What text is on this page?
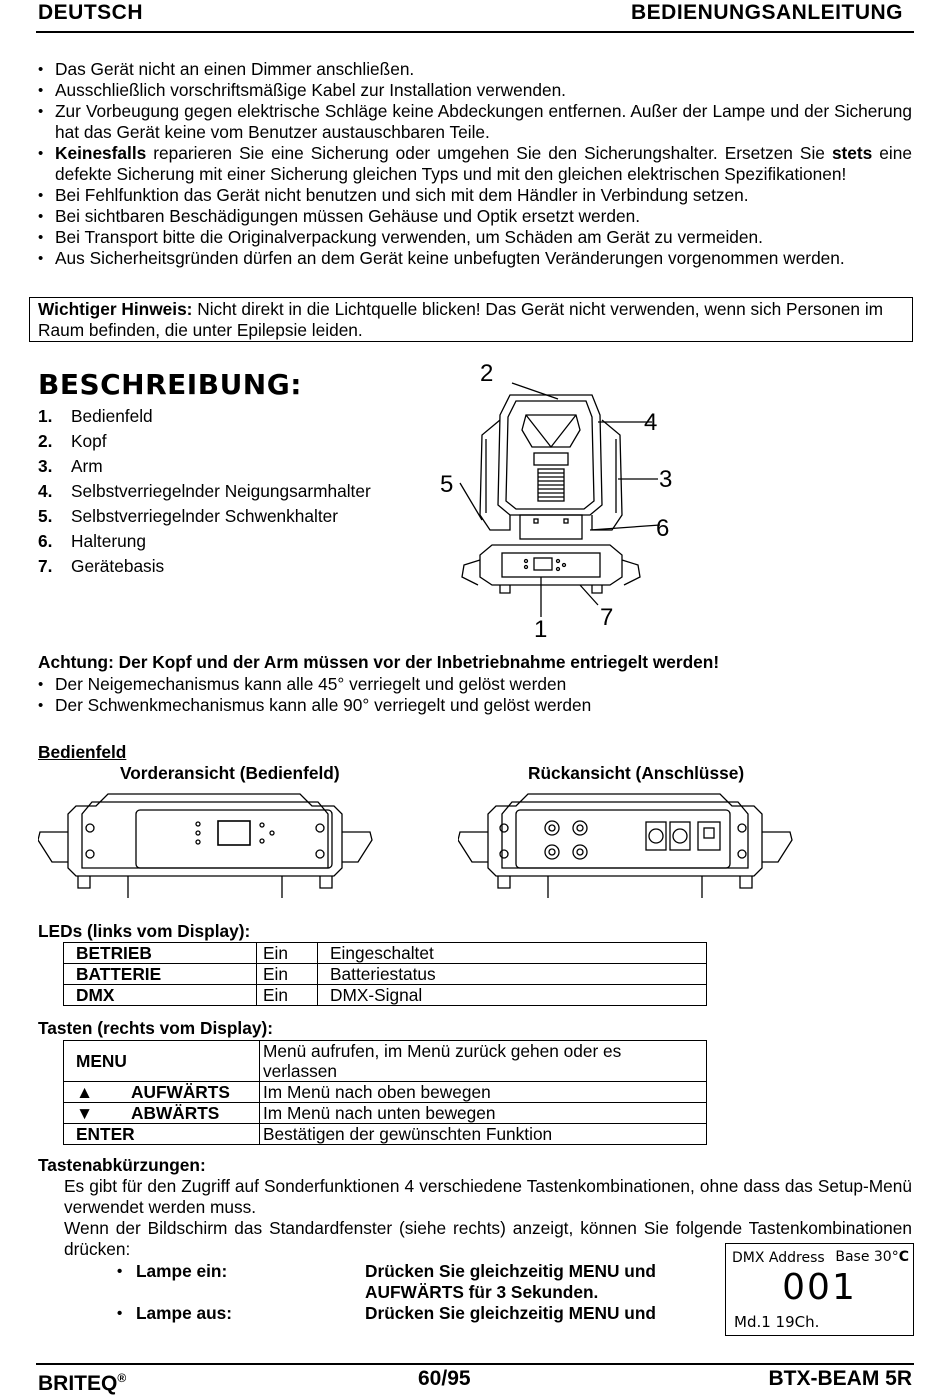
DEUTSCH	BEDIENUNGSANLEITUNG
• Das Gerät nicht an einen Dimmer anschließen.
• Ausschließlich vorschriftsmäßige Kabel zur Installation verwenden.
• Zur Vorbeugung gegen elektrische Schläge keine Abdeckungen entfernen. Außer der Lampe und der Sicherung hat das Gerät keine vom Benutzer austauschbaren Teile.
• Keinesfalls reparieren Sie eine Sicherung oder umgehen Sie den Sicherungshalter. Ersetzen Sie stets eine defekte Sicherung mit einer Sicherung gleichen Typs und mit den gleichen elektrischen Spezifikationen!
• Bei Fehlfunktion das Gerät nicht benutzen und sich mit dem Händler in Verbindung setzen.
• Bei sichtbaren Beschädigungen müssen Gehäuse und Optik ersetzt werden.
• Bei Transport bitte die Originalverpackung verwenden, um Schäden am Gerät zu vermeiden.
• Aus Sicherheitsgründen dürfen an dem Gerät keine unbefugten Veränderungen vorgenommen werden.
Wichtiger Hinweis: Nicht direkt in die Lichtquelle blicken! Das Gerät nicht verwenden, wenn sich Personen im Raum befinden, die unter Epilepsie leiden.
BESCHREIBUNG:
1. Bedienfeld
2. Kopf
3. Arm
4. Selbstverriegelnder Neigungsarmhalter
5. Selbstverriegelnder Schwenkhalter
6. Halterung
7. Gerätebasis
2
4
3
5
6
1 7
Achtung: Der Kopf und der Arm müssen vor der Inbetriebnahme entriegelt werden!
• Der Neigemechanismus kann alle 45° verriegelt und gelöst werden
• Der Schwenkmechanismus kann alle 90° verriegelt und gelöst werden
Bedienfeld
Vorderansicht (Bedienfeld)	Rückansicht (Anschlüsse)
LEDs (links vom Display):
BETRIEB	Ein	Eingeschaltet
BATTERIE	Ein	Batteriestatus
DMX	Ein	DMX-Signal
Tasten (rechts vom Display):
MENU	Menü aufrufen, im Menü zurück gehen oder es verlassen
▲ AUFWÄRTS	Im Menü nach oben bewegen
▼ ABWÄRTS	Im Menü nach unten bewegen
ENTER	Bestätigen der gewünschten Funktion
Tastenabkürzungen:
Es gibt für den Zugriff auf Sonderfunktionen 4 verschiedene Tastenkombinationen, ohne dass das Setup-Menü verwendet werden muss.
Wenn der Bildschirm das Standardfenster (siehe rechts) anzeigt, können Sie folgende Tastenkombinationen drücken:
• Lampe ein:	Drücken Sie gleichzeitig MENU und
AUFWÄRTS für 3 Sekunden.
• Lampe aus:	Drücken Sie gleichzeitig MENU und
DMX Address Base 30°C
001
Md.1 19Ch.
BRITEQ®	60/95	BTX-BEAM 5R
